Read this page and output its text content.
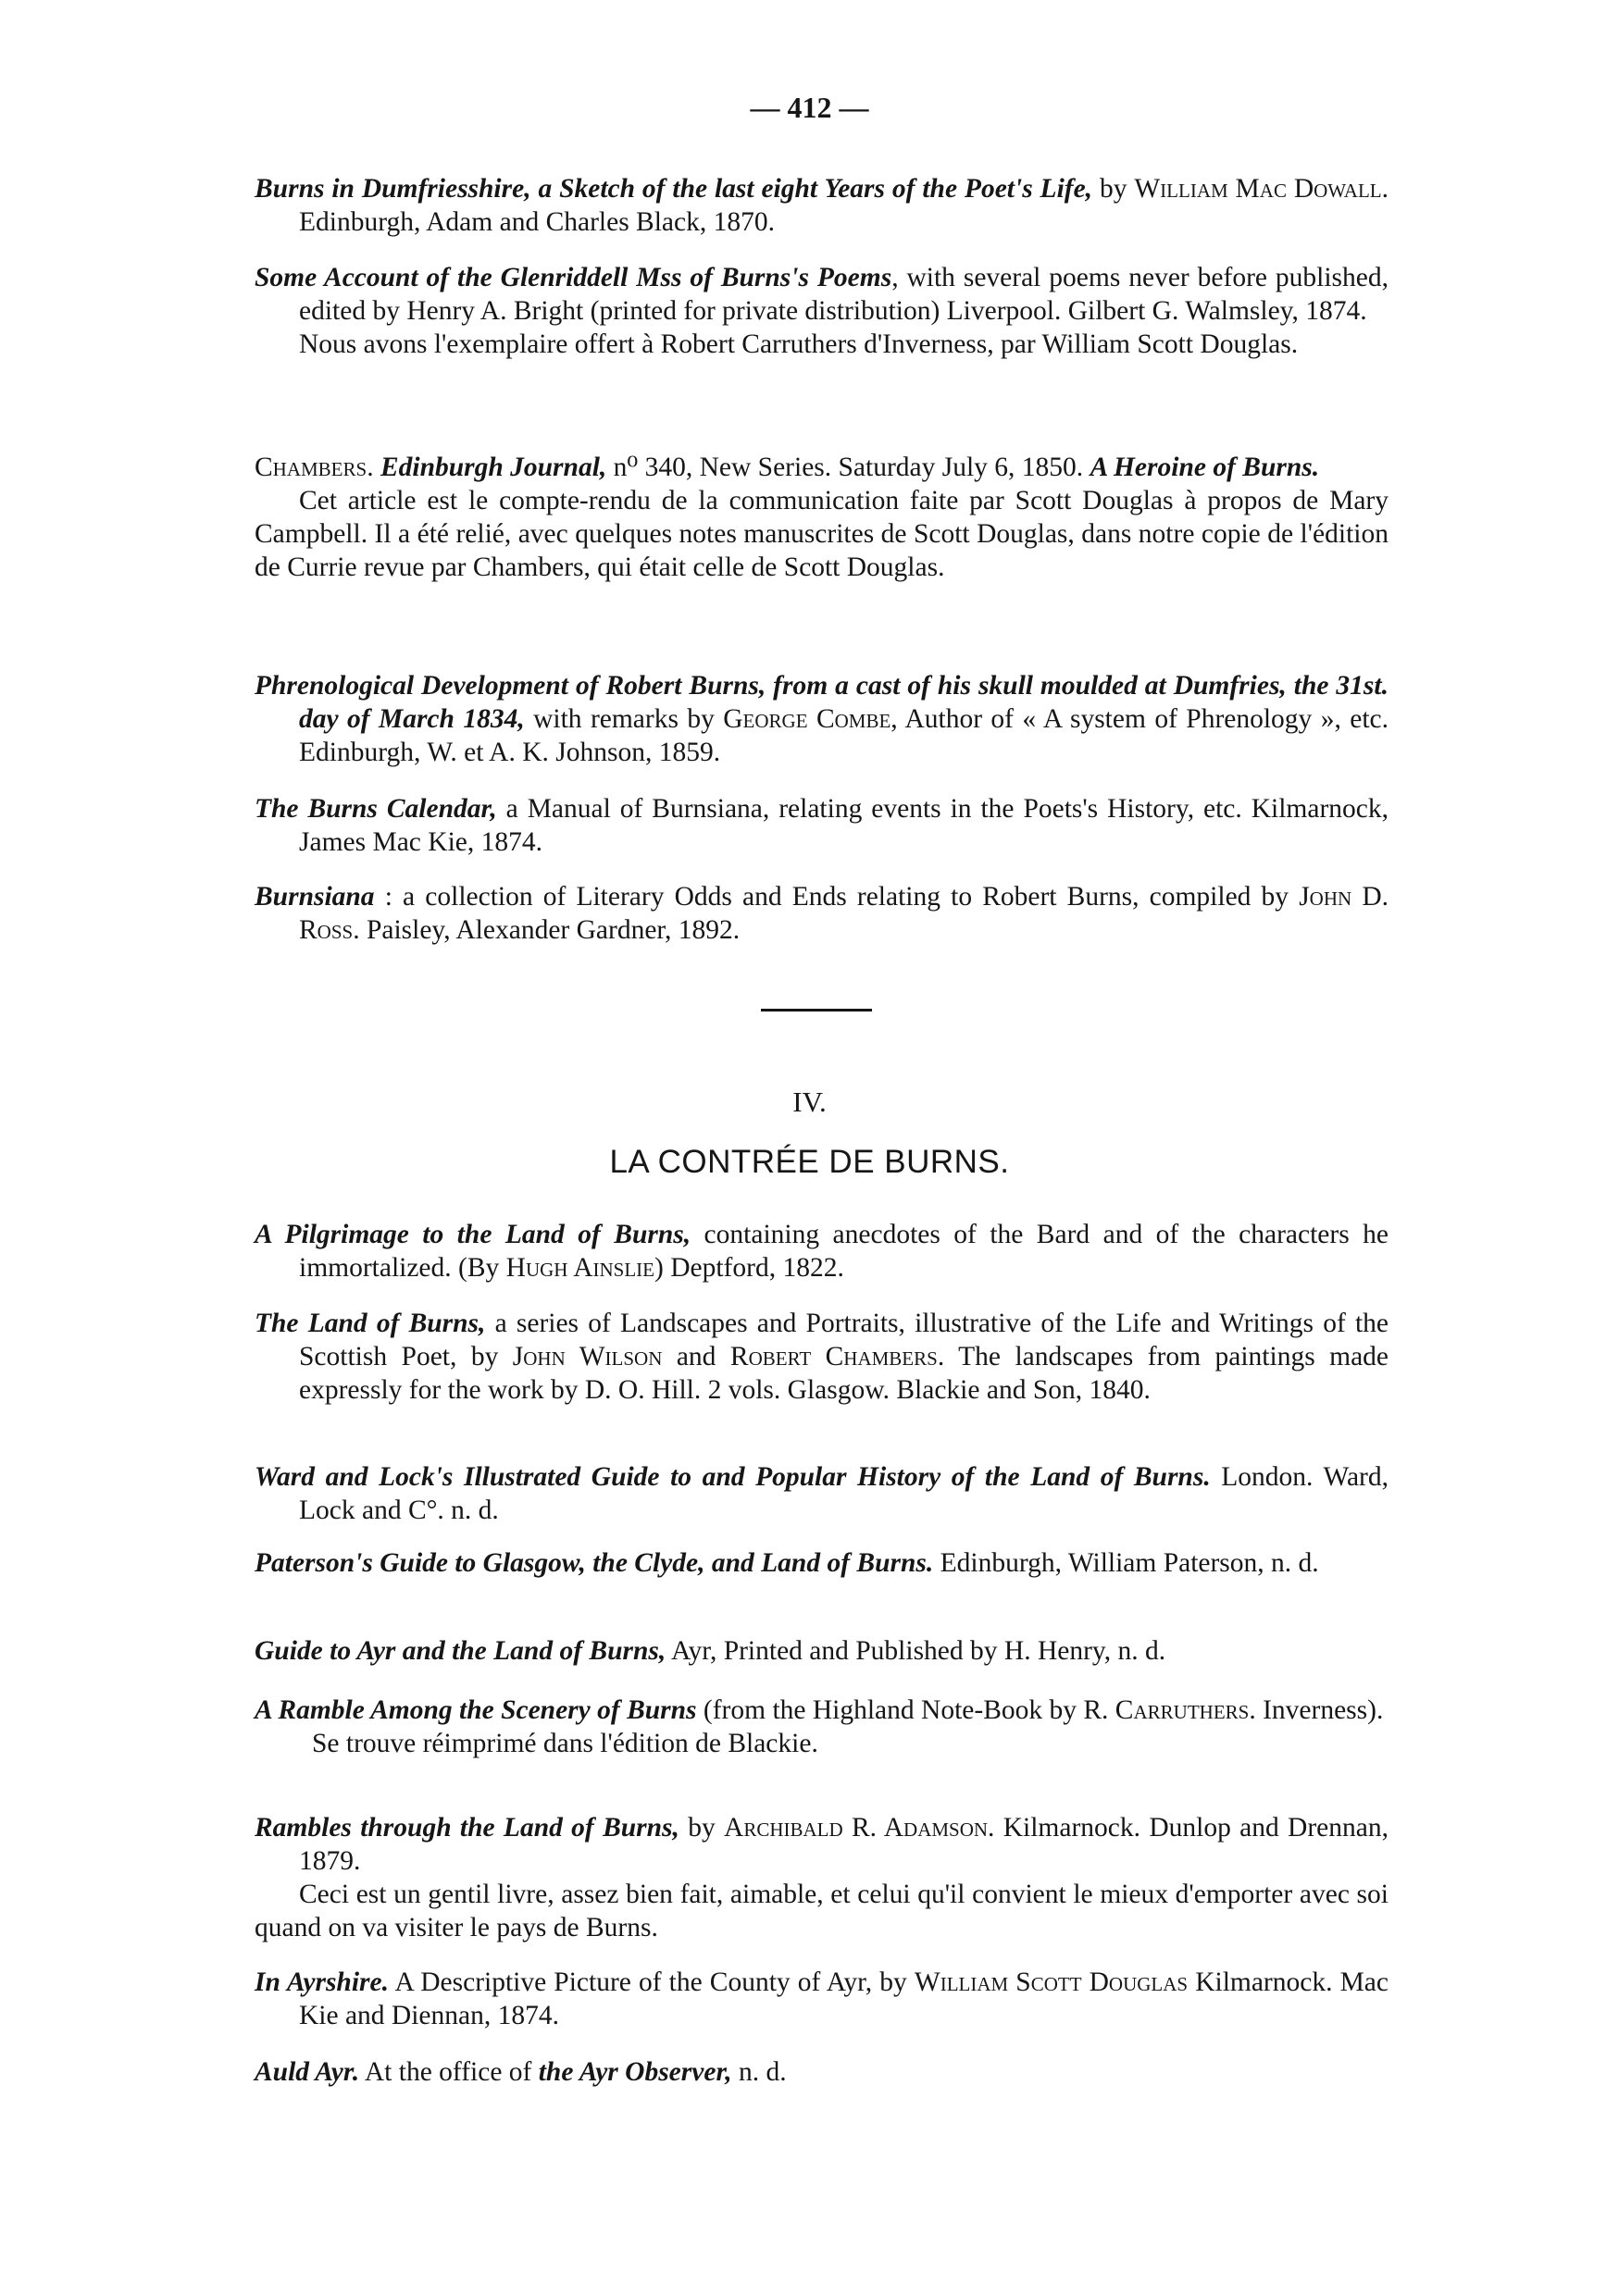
— 412 —

Burns in Dumfriesshire, a Sketch of the last eight Years of the Poet's Life, by William Mac Dowall. Edinburgh, Adam and Charles Black, 1870.

Some Account of the Glenriddell Mss of Burns's Poems, with several poems never before published, edited by Henry A. Bright (printed for private distribution) Liverpool. Gilbert G. Walmsley, 1874.

Nous avons l'exemplaire offert à Robert Carruthers d'Inverness, par William Scott Douglas.

Chambers. Edinburgh Journal, n⁰ 340, New Series. Saturday July 6, 1850. A Heroine of Burns.

Cet article est le compte-rendu de la communication faite par Scott Douglas à propos de Mary Campbell. Il a été relié, avec quelques notes manuscrites de Scott Douglas, dans notre copie de l'édition de Currie revue par Chambers, qui était celle de Scott Douglas.

Phrenological Development of Robert Burns, from a cast of his skull moulded at Dumfries, the 31st. day of March 1834, with remarks by George Combe, Author of « A system of Phrenology », etc. Edinburgh, W. et A. K. Johnson, 1859.

The Burns Calendar, a Manual of Burnsiana, relating events in the Poets's History, etc. Kilmarnock, James Mac Kie, 1874.

Burnsiana : a collection of Literary Odds and Ends relating to Robert Burns, compiled by John D. Ross. Paisley, Alexander Gardner, 1892.

IV.
LA CONTRÉE DE BURNS.

A Pilgrimage to the Land of Burns, containing anecdotes of the Bard and of the characters he immortalized. (By Hugh Ainslie) Deptford, 1822.

The Land of Burns, a series of Landscapes and Portraits, illustrative of the Life and Writings of the Scottish Poet, by John Wilson and Robert Chambers. The landscapes from paintings made expressly for the work by D. O. Hill. 2 vols. Glasgow. Blackie and Son, 1840.

Ward and Lock's Illustrated Guide to and Popular History of the Land of Burns. London. Ward, Lock and C°. n. d.

Paterson's Guide to Glasgow, the Clyde, and Land of Burns. Edinburgh, William Paterson, n. d.

Guide to Ayr and the Land of Burns, Ayr, Printed and Published by H. Henry, n. d.

A Ramble Among the Scenery of Burns (from the Highland Note-Book by R. Carruthers. Inverness).

Se trouve réimprimé dans l'édition de Blackie.

Rambles through the Land of Burns, by Archibald R. Adamson. Kilmarnock. Dunlop and Drennan, 1879.

Ceci est un gentil livre, assez bien fait, aimable, et celui qu'il convient le mieux d'emporter avec soi quand on va visiter le pays de Burns.

In Ayrshire. A Descriptive Picture of the County of Ayr, by William Scott Douglas Kilmarnock. Mac Kie and Diennan, 1874.

Auld Ayr. At the office of the Ayr Observer, n. d.
